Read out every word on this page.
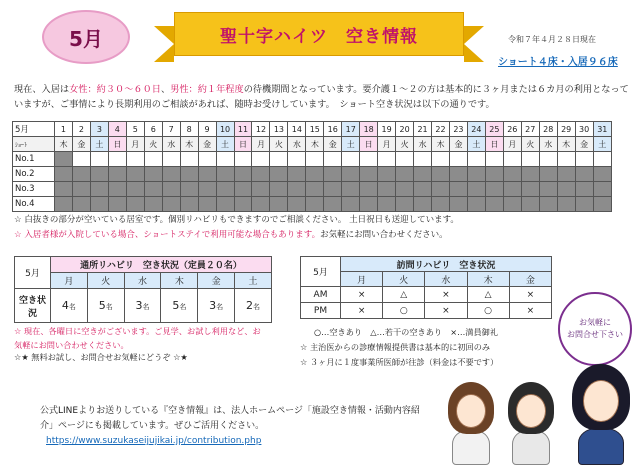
5月	聖十字ハイツ　空き情報	令和７年４月２８日現在
ショート４床・入居９６床
現在、入居は女性：約３０〜６０日、男性：約１年程度の待機期間となっています。要介護１〜２の方は基本的に３ヶ月または６カ月の利用となっていますが、ご事情により長期利用のご相談があれば、随時お受けしています。　ショート空き状況は以下の通りです。
5月	1	2	3	4	5	6	7	8	9	10	11	12	13	14	15	16	17	18	19	20	21	22	23	24	25	26	27	28	29	30	31
ｼｮｰﾄ	木	金	土	日	月	火	水	木	金	土	日	月	火	水	木	金	土	日	月	火	水	木	金	土	日	月	火	水	木	金	土
No.1																															
No.2																															
No.3																															
No.4																															
☆ 白抜きの部分が空いている居室です。個別リハビリもできますのでご相談ください。 土日祝日も送迎しています。
☆ 入居者様が入院している場合、ショートステイで利用可能な場合もあります。お気軽にお問い合わせください。
5月	通所リハビリ　空き状況（定員２０名）					
	月	火	水	木	金	土
空き状況	4名	5名	3名	5名	3名	2名
☆ 現在、各曜日に空きがございます。ご見学、お試し利用など、お気軽にお問い合わせください。
☆★ 無料お試し、お問合せお気軽にどうぞ ☆★
5月	訪問リハビリ　空き状況				
	月	火	水	木	金
AM	×	△	×	△	×
PM	×	○	×	○	×
○…空きあり　△…若干の空きあり　×…満員御礼
☆ 主治医からの診療情報提供書は基本的に初回のみ
☆ ３ヶ月に１度事業所医師が往診（料金は不要です）
お気軽に
お問合せ下さい
公式LINEよりお送りしている『空き情報』は、法人ホームページ「施設空き情報・活動内容紹介」ページにも掲載しています。ぜひご活用ください。
https://www.suzukaseijujikai.jp/contribution.php
